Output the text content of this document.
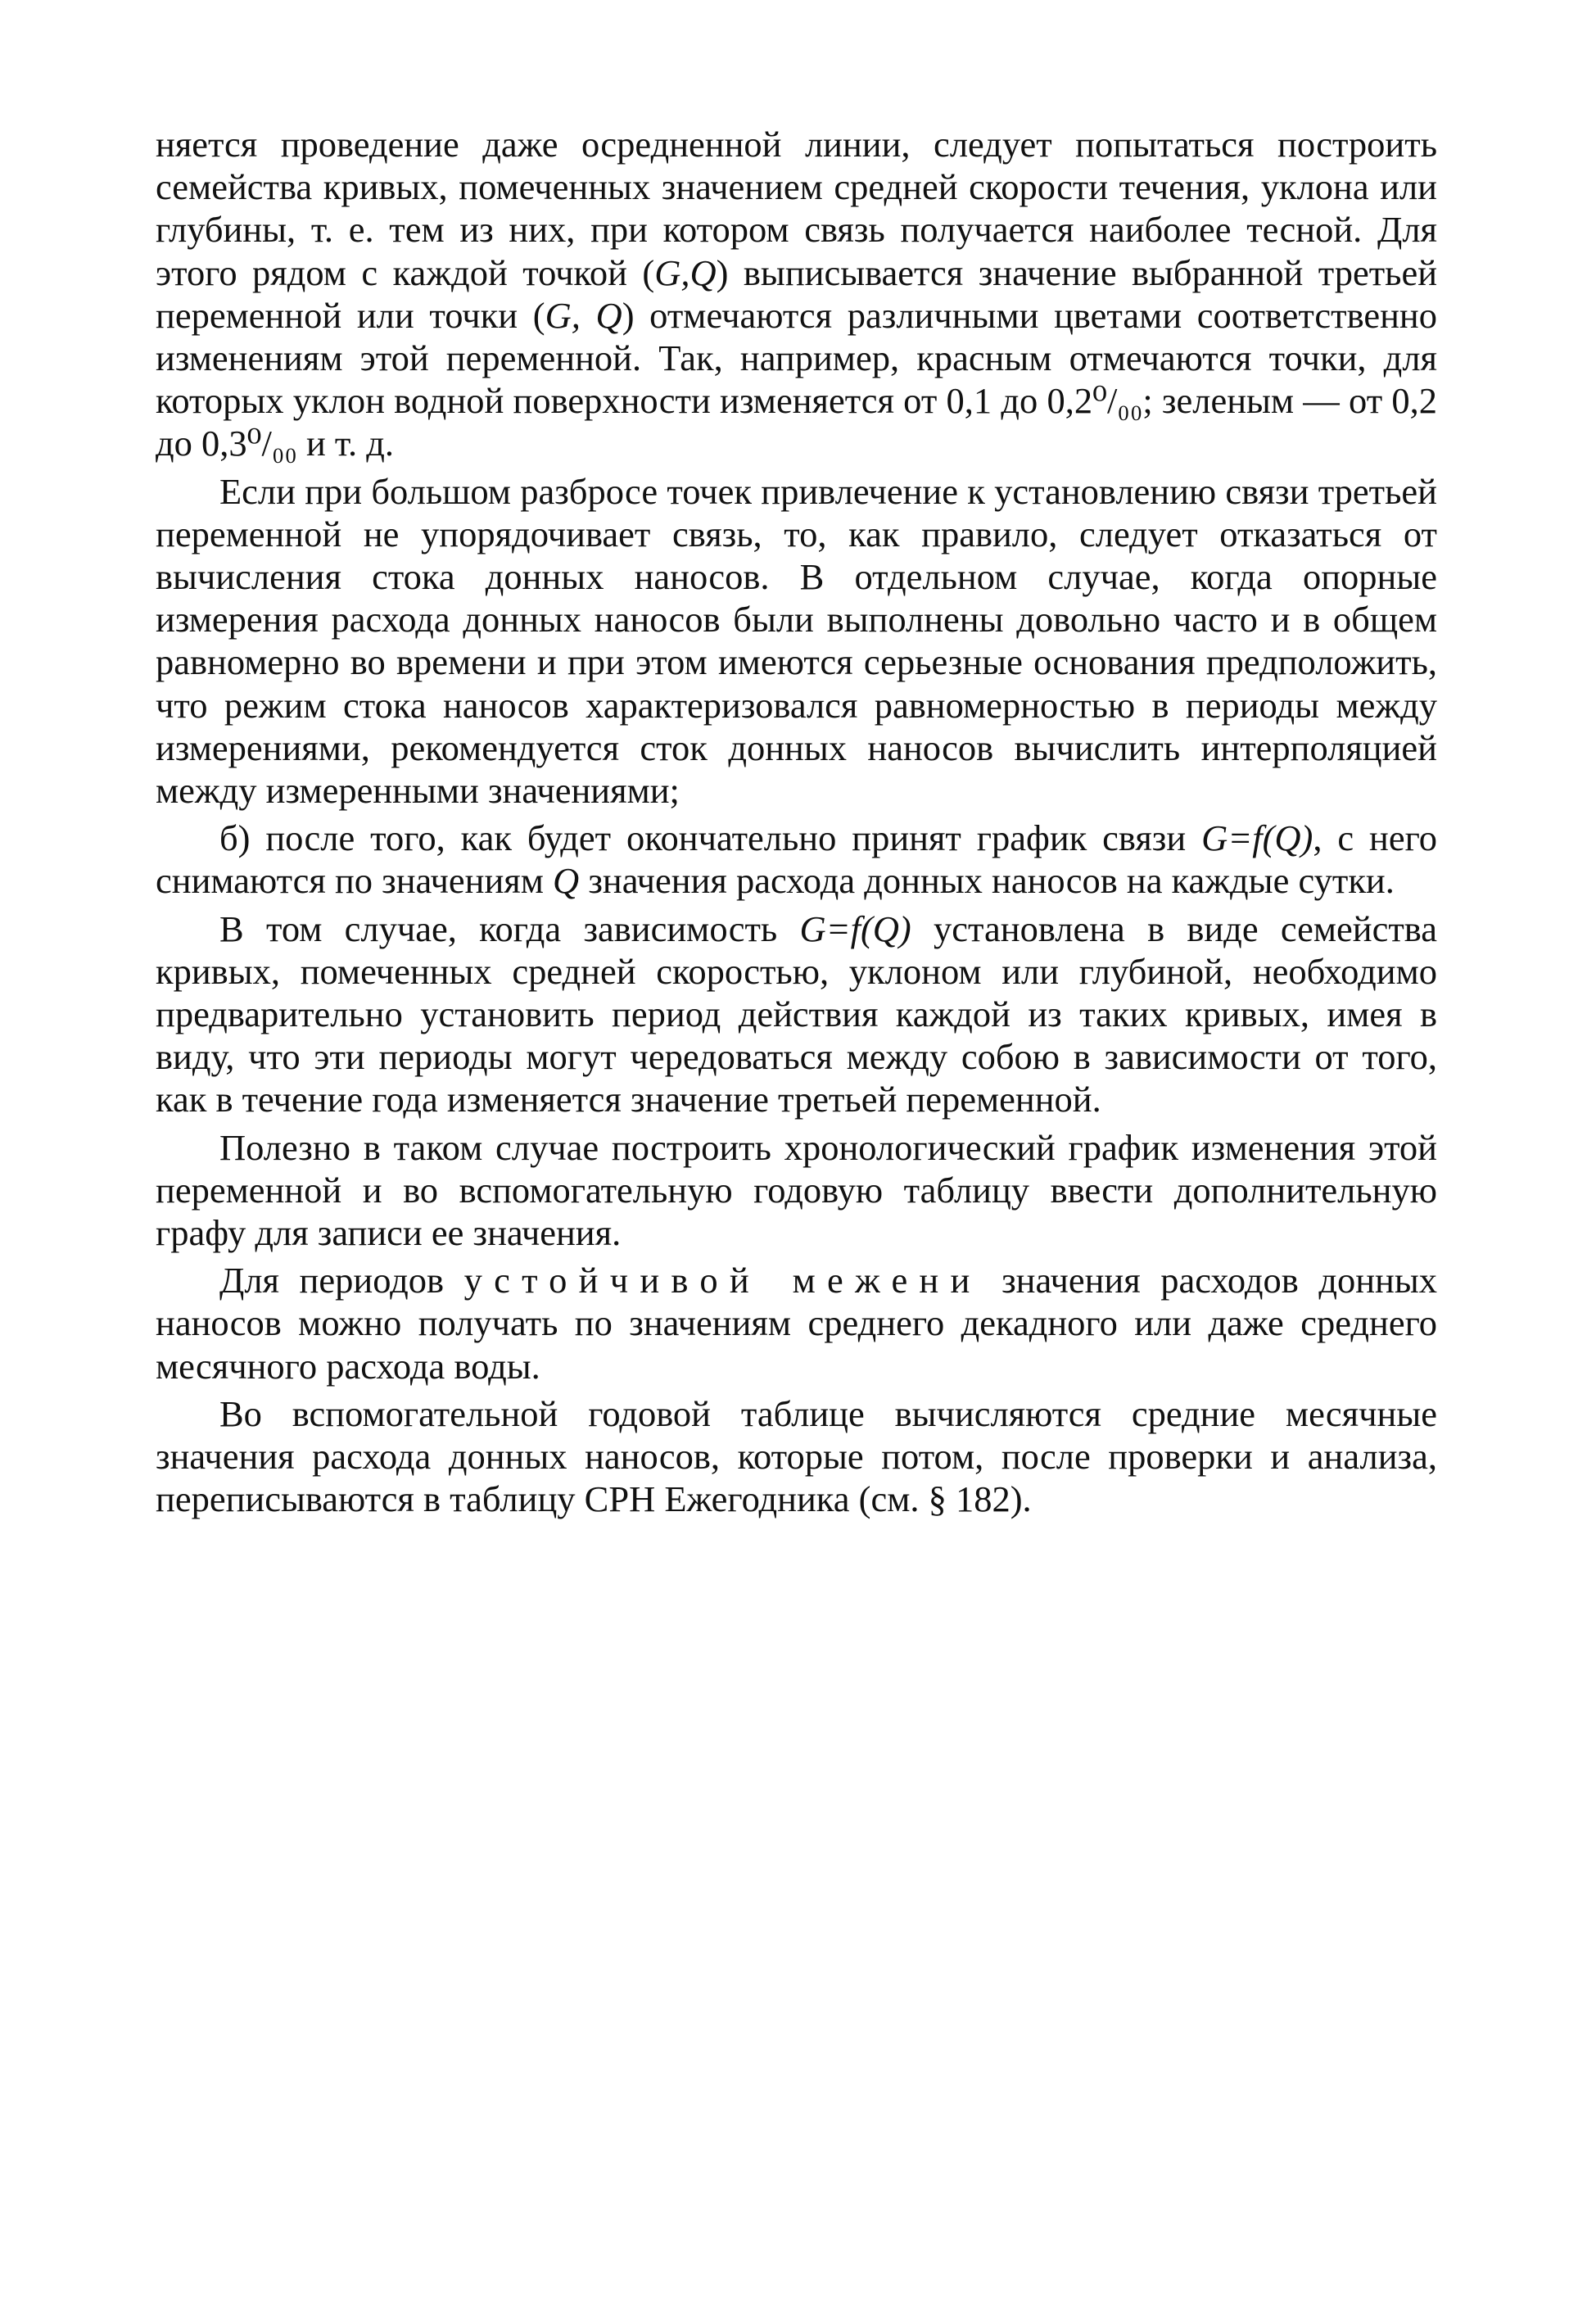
няется проведение даже осредненной линии, следует попытаться построить семейства кривых, помеченных значением средней скорости течения, уклона или глубины, т. е. тем из них, при котором связь получается наиболее тесной. Для этого рядом с каждой точкой (G,Q) выписывается значение выбранной третьей переменной или точки (G, Q) отмечаются различными цветами соответственно изменениям этой переменной. Так, например, красным отмечаются точки, для которых уклон водной поверхности изменяется от 0,1 до 0,2⁰/₀₀; зеленым — от 0,2 до 0,3⁰/₀₀ и т. д.

Если при большом разбросе точек привлечение к установлению связи третьей переменной не упорядочивает связь, то, как правило, следует отказаться от вычисления стока донных наносов. В отдельном случае, когда опорные измерения расхода донных наносов были выполнены довольно часто и в общем равномерно во времени и при этом имеются серьезные основания предположить, что режим стока наносов характеризовался равномерностью в периоды между измерениями, рекомендуется сток донных наносов вычислить интерполяцией между измеренными значениями;

б) после того, как будет окончательно принят график связи G=f(Q), с него снимаются по значениям Q значения расхода донных наносов на каждые сутки.

В том случае, когда зависимость G=f(Q) установлена в виде семейства кривых, помеченных средней скоростью, уклоном или глубиной, необходимо предварительно установить период действия каждой из таких кривых, имея в виду, что эти периоды могут чередоваться между собою в зависимости от того, как в течение года изменяется значение третьей переменной.

Полезно в таком случае построить хронологический график изменения этой переменной и во вспомогательную годовую таблицу ввести дополнительную графу для записи ее значения.

Для периодов устойчивой межени значения расходов донных наносов можно получать по значениям среднего декадного или даже среднего месячного расхода воды.

Во вспомогательной годовой таблице вычисляются средние месячные значения расхода донных наносов, которые потом, после проверки и анализа, переписываются в таблицу СРН Ежегодника (см. § 182).
